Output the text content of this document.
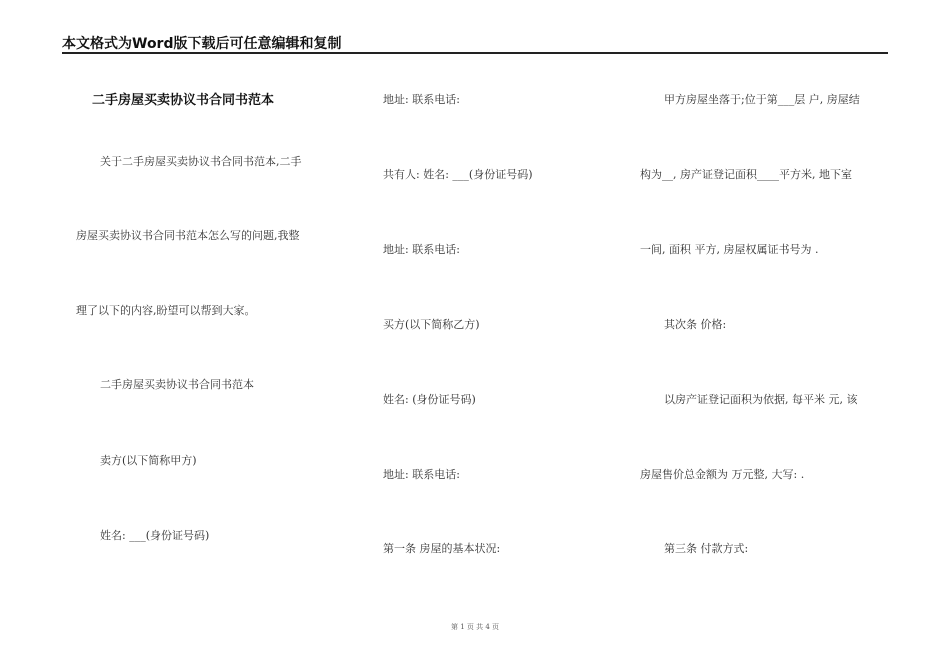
本文格式为Word版下载后可任意编辑和复制
二手房屋买卖协议书合同书范本
关于二手房屋买卖协议书合同书范本,二手
房屋买卖协议书合同书范本怎么写的问题,我整
理了以下的内容,盼望可以帮到大家。
二手房屋买卖协议书合同书范本
卖方(以下简称甲方)
姓名: ___(身份证号码)
地址: 联系电话:
共有人: 姓名: ___(身份证号码)
地址: 联系电话:
买方(以下简称乙方)
姓名: (身份证号码)
地址: 联系电话:
第一条 房屋的基本状况:
甲方房屋坐落于;位于第___层 户, 房屋结
构为__, 房产证登记面积____平方米, 地下室
一间, 面积 平方, 房屋权属证书号为 .
其次条 价格:
以房产证登记面积为依据, 每平米 元, 该
房屋售价总金额为 万元整, 大写: .
第三条 付款方式:
第 1 页 共 4 页
